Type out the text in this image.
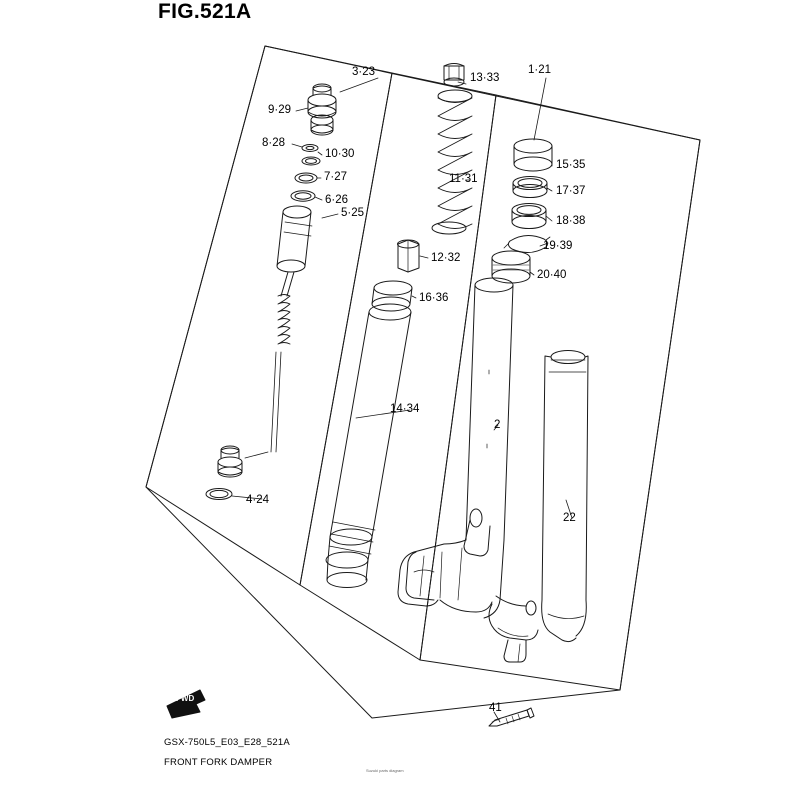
FIG.521A
FWD
3·23	13·33
1·21
9·29
8·28
10·30
15·35
7·27	11·31
17·37
6·26
5·25
18·38
19·39
12·32
20·40
16·36
14·34
2
4·24
22
41
GSX-750L5_E03_E28_521A
FRONT FORK DAMPER
Suzuki parts diagram
